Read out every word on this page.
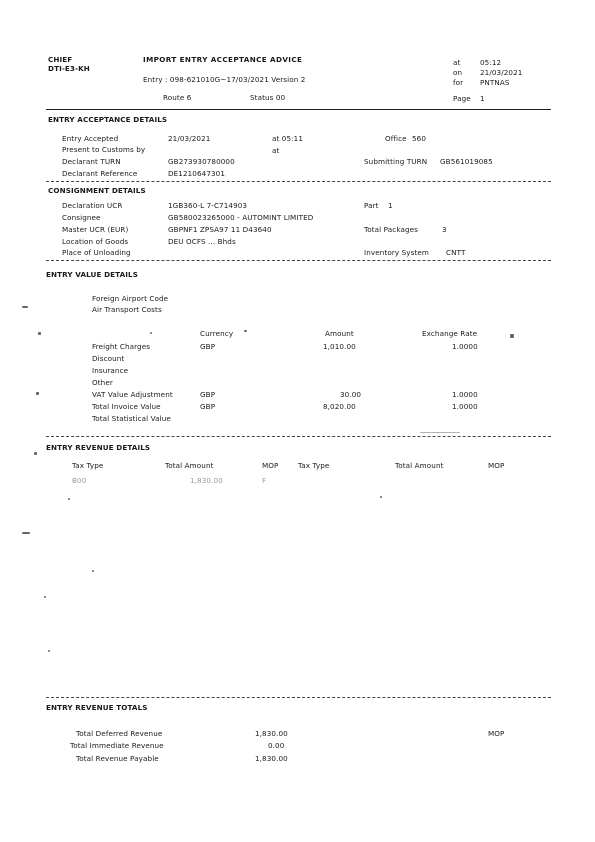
CHIEF
DTI-E3-KH
IMPORT ENTRY ACCEPTANCE ADVICE
Entry : 098-621010G~17/03/2021 Version 2
Route 6	Status 00
at	05:12
on 21/03/2021
for PNTNAS
Page 1
ENTRY ACCEPTANCE DETAILS
Entry Accepted	21/03/2021	at 05:11	Office 560
Present to Customs by	at
Declarant TURN	GB273930780000	Submitting TURN GB561019085
Declarant Reference	DE1210647301
CONSIGNMENT DETAILS
Declaration UCR	1GB360-L 7-C714903	Part 1
Consignee	GB580023265000 - AUTOMINT LIMITED
Master UCR (EUR)	GBPNF1 ZPSA97 11 D43640	Total Packages	3
Location of Goods	DEU OCFS ... Bhds
Place of Unloading	Inventory System CNTT
ENTRY VALUE DETAILS
Foreign Airport Code
Air Transport Costs
Currency	Amount	Exchange Rate
Freight Charges	GBP	1,010.00	1.0000
Discount
Insurance
Other
VAT Value Adjustment	GBP	30.00	1.0000
Total Invoice Value	GBP	8,020.00	1.0000
Total Statistical Value
ENTRY REVENUE DETAILS
Tax Type	Total Amount	MOP	Tax Type	Total Amount	MOP
B00	1,830.00	F
ENTRY REVENUE TOTALS
Total Deferred Revenue	1,830.00	MOP
Total Immediate Revenue	0.00
Total Revenue Payable	1,830.00
